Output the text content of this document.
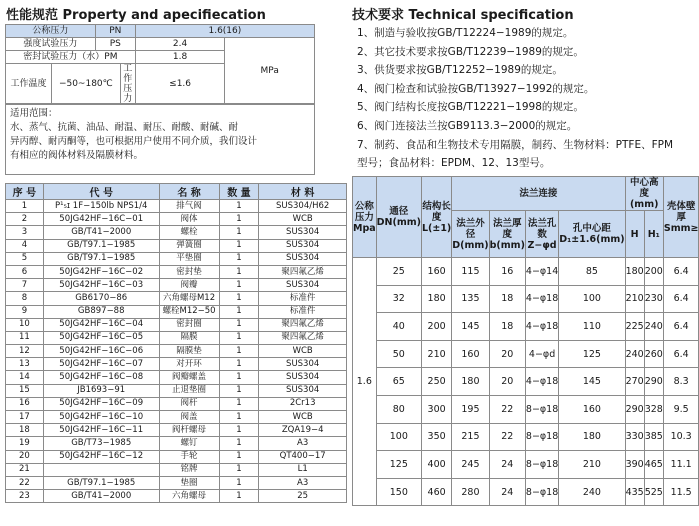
性能规范 Property and apecifiecation
公称压力		PN		1.6(16)	
强度试验压力		PS		2.4	MPa
密封试验压力（水）PM				1.8	
工作温度	−50~180℃		工作压力	≤1.6	
适用范围：
水、蒸气、抗菌、油品、耐温、耐压、耐酸、耐碱、耐
异丙醇、耐丙酮等，也可根据用户使用不同介质，我们设计
有相应的阀体材料及隔膜材料。
序 号	代 号	名 称	数 量	材 料
1	P¹₅ɪ 1F−150lb NPS1/4	排气阀	1	SUS304/H62
2	50JG42HF−16C−01	阀体	1	WCB
3	GB/T41−2000	螺栓	1	SUS304
4	GB/T97.1−1985	弹簧圈	1	SUS304
5	GB/T97.1−1985	平垫圈	1	SUS304
6	50JG42HF−16C−02	密封垫	1	聚四氟乙烯
7	50JG42HF−16C−03	阀瓣	1	SUS304
8	GB6170−86	六角螺母M12	1	标准件
9	GB897−88	螺栓M12−50	1	标准件
10	50JG42HF−16C−04	密封圈	1	聚四氟乙烯
11	50JG42HF−16C−05	隔膜	1	聚四氟乙烯
12	50JG42HF−16C−06	隔膜垫	1	WCB
13	50JG42HF−16C−07	对开环	1	SUS304
14	50JG42HF−16C−08	阀瓣螺盖	1	SUS304
15	JB1693−91	止退垫圈	1	SUS304
16	50JG42HF−16C−09	阀杆	1	2Cr13
17	50JG42HF−16C−10	阀盖	1	WCB
18	50JG42HF−16C−11	阀杆螺母	1	ZQA19−4
19	GB/T73−1985	螺钉	1	A3
20	50JG42HF−16C−12	手轮	1	QT400−17
21		铭牌	1	L1
22	GB/T97.1−1985	垫圈	1	A3
23	GB/T41−2000	六角螺母	1	25
技术要求 Technical specification
1、制造与验收按GB/T12224−1989的规定。
2、其它技术要求按GB/T12239−1989的规定。
3、供货要求按GB/T12252−1989的规定。
4、阀门检查和试验按GB/T13927−1992的规定。
5、阀门结构长度按GB/T12221−1998的规定。
6、阀门连接法兰按GB9113.3−2000的规定。
7、制药、食品和生物技术专用隔膜，制药、生物材料：PTFE、FPM
型号；食品材料：EPDM、12、13型号。
公称压力Mpa	通径DN(mm)	结构长度L(±1)	法兰连接				中心高度(mm)		壳体壁厚Smm≥
			法兰外径D(mm)	法兰厚度b(mm)	法兰孔数Z−φd	孔中心距D₁±1.6(mm)	H	H₁	
1.6	25	160	115	16	4−φ14	85	180	200	6.4
	32	180	135	18	4−φ18	100	210	230	6.4
	40	200	145	18	4−φ18	110	225	240	6.4
	50	210	160	20	4−φd	125	240	260	6.4
	65	250	180	20	4−φ18	145	270	290	8.3
	80	300	195	22	8−φ18	160	290	328	9.5
	100	350	215	22	8−φ18	180	330	385	10.3
	125	400	245	24	8−φ18	210	390	465	11.1
	150	460	280	24	8−φ18	240	435	525	11.5
